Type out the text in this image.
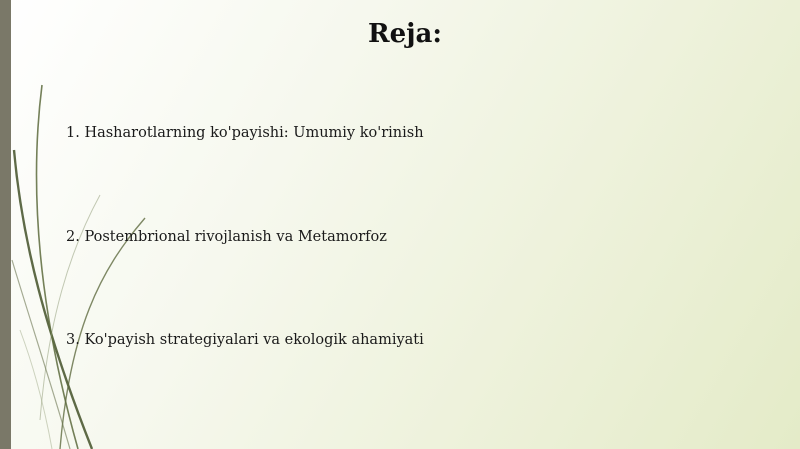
Reja:
1. Hasharotlarning ko'payishi: Umumiy ko'rinish
2. Postembrional rivojlanish va Metamorfoz
3. Ko'payish strategiyalari va ekologik ahamiyati
